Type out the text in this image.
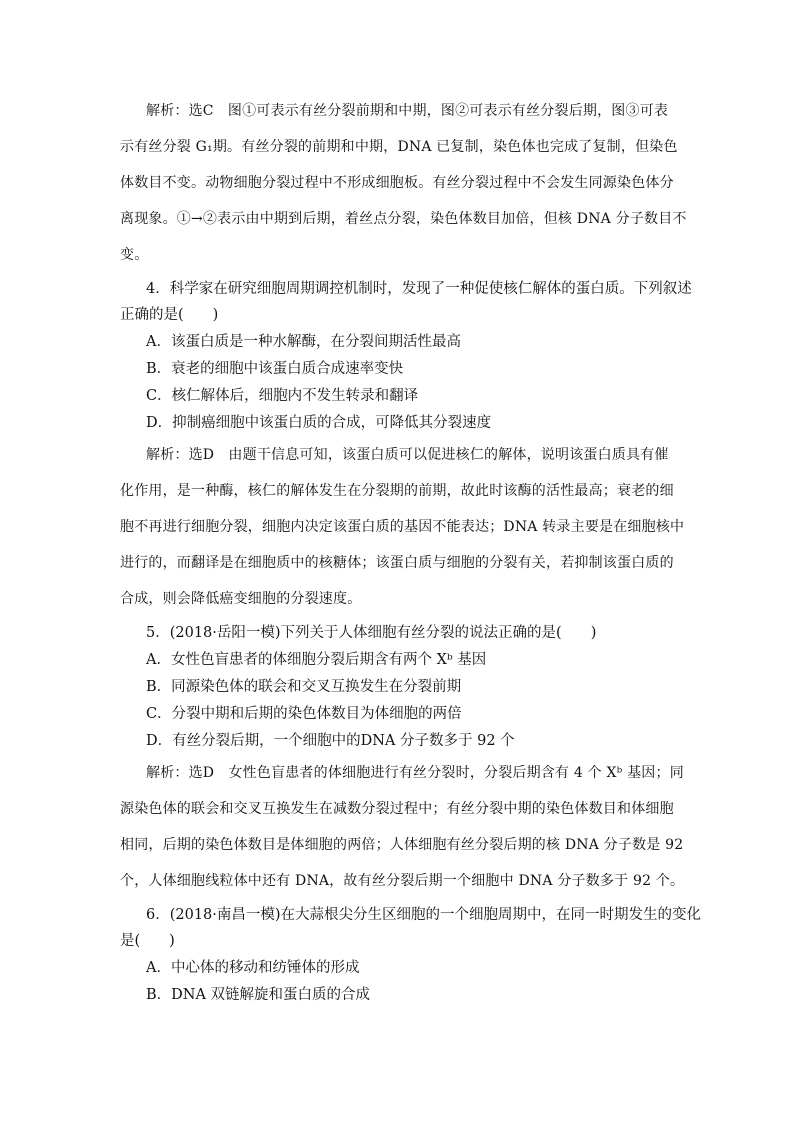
解析：选C　图①可表示有丝分裂前期和中期，图②可表示有丝分裂后期，图③可表
示有丝分裂 G₁期。有丝分裂的前期和中期，DNA 已复制，染色体也完成了复制，但染色
体数目不变。动物细胞分裂过程中不形成细胞板。有丝分裂过程中不会发生同源染色体分
离现象。①→②表示由中期到后期，着丝点分裂，染色体数目加倍，但核 DNA 分子数目不
变。
4．科学家在研究细胞周期调控机制时，发现了一种促使核仁解体的蛋白质。下列叙述
正确的是(　　)
A．该蛋白质是一种水解酶，在分裂间期活性最高
B．衰老的细胞中该蛋白质合成速率变快
C．核仁解体后，细胞内不发生转录和翻译
D．抑制癌细胞中该蛋白质的合成，可降低其分裂速度
解析：选D　由题干信息可知，该蛋白质可以促进核仁的解体，说明该蛋白质具有催
化作用，是一种酶，核仁的解体发生在分裂期的前期，故此时该酶的活性最高；衰老的细
胞不再进行细胞分裂，细胞内决定该蛋白质的基因不能表达；DNA 转录主要是在细胞核中
进行的，而翻译是在细胞质中的核糖体；该蛋白质与细胞的分裂有关，若抑制该蛋白质的
合成，则会降低癌变细胞的分裂速度。
5．(2018·岳阳一模)下列关于人体细胞有丝分裂的说法正确的是(　　)
A．女性色盲患者的体细胞分裂后期含有两个 Xᵇ 基因
B．同源染色体的联会和交叉互换发生在分裂前期
C．分裂中期和后期的染色体数目为体细胞的两倍
D．有丝分裂后期，一个细胞中的DNA 分子数多于 92 个
解析：选D　女性色盲患者的体细胞进行有丝分裂时，分裂后期含有 4 个 Xᵇ 基因；同
源染色体的联会和交叉互换发生在减数分裂过程中；有丝分裂中期的染色体数目和体细胞
相同，后期的染色体数目是体细胞的两倍；人体细胞有丝分裂后期的核 DNA 分子数是 92
个，人体细胞线粒体中还有 DNA，故有丝分裂后期一个细胞中 DNA 分子数多于 92 个。
6．(2018·南昌一模)在大蒜根尖分生区细胞的一个细胞周期中，在同一时期发生的变化
是(　　)
A．中心体的移动和纺锤体的形成
B．DNA 双链解旋和蛋白质的合成
